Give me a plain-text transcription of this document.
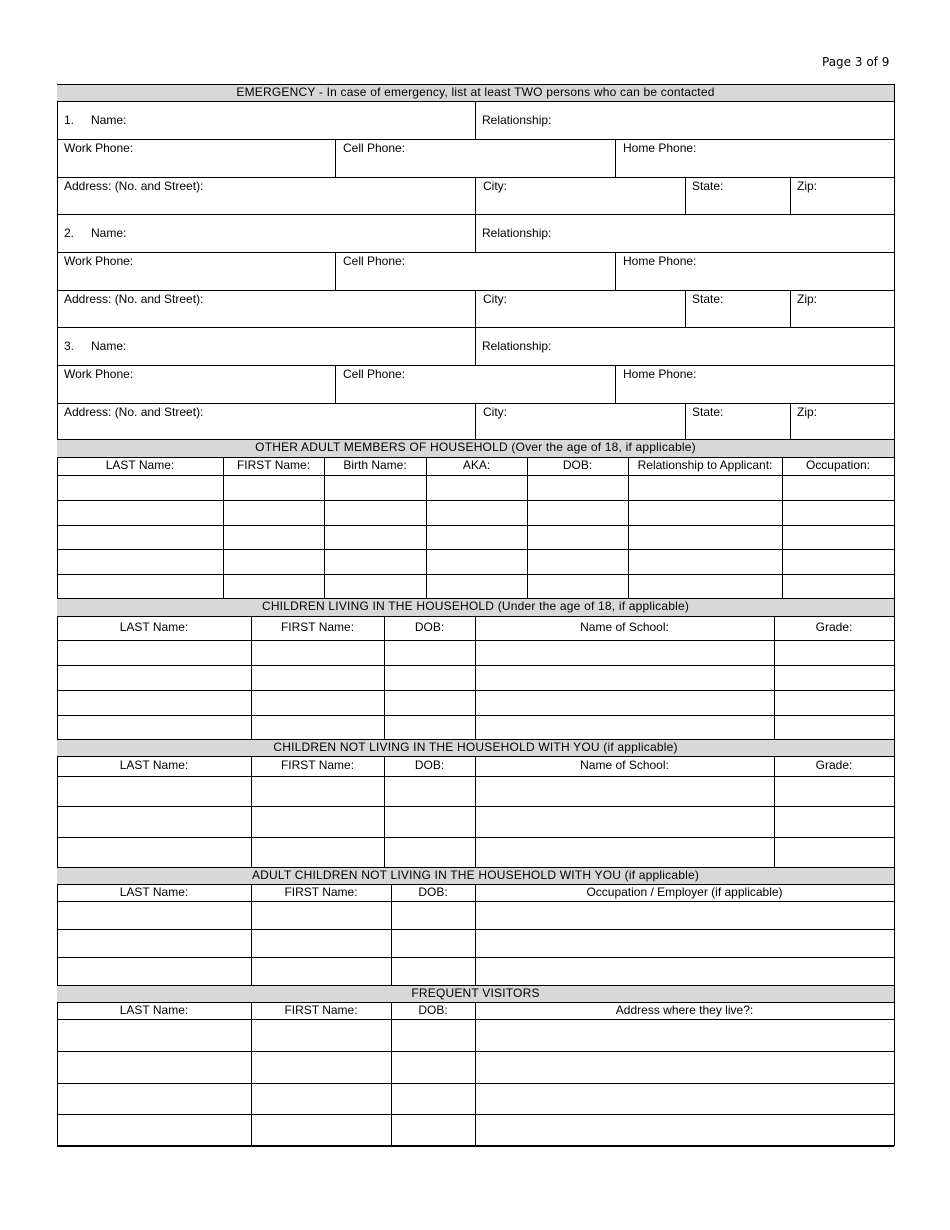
Page 3 of 9
EMERGENCY - In case of emergency, list at least TWO persons who can be contacted
1. Name:	Relationship:
Work Phone:	Cell Phone:	Home Phone:
Address: (No. and Street):	City:	State:	Zip:
2. Name:	Relationship:
Work Phone:	Cell Phone:	Home Phone:
Address: (No. and Street):	City:	State:	Zip:
3. Name:	Relationship:
Work Phone:	Cell Phone:	Home Phone:
Address: (No. and Street):	City:	State:	Zip:
OTHER ADULT MEMBERS OF HOUSEHOLD (Over the age of 18, if applicable)
LAST Name:	FIRST Name:	Birth Name:	AKA:	DOB:	Relationship to Applicant:	Occupation:
CHILDREN LIVING IN THE HOUSEHOLD (Under the age of 18, if applicable)
LAST Name:	FIRST Name:	DOB:	Name of School:	Grade:
CHILDREN NOT LIVING IN THE HOUSEHOLD WITH YOU (if applicable)
LAST Name:	FIRST Name:	DOB:	Name of School:	Grade:
ADULT CHILDREN NOT LIVING IN THE HOUSEHOLD WITH YOU (if applicable)
LAST Name:	FIRST Name:	DOB:	Occupation / Employer (if applicable)
FREQUENT VISITORS
LAST Name:	FIRST Name:	DOB:	Address where they live?:
